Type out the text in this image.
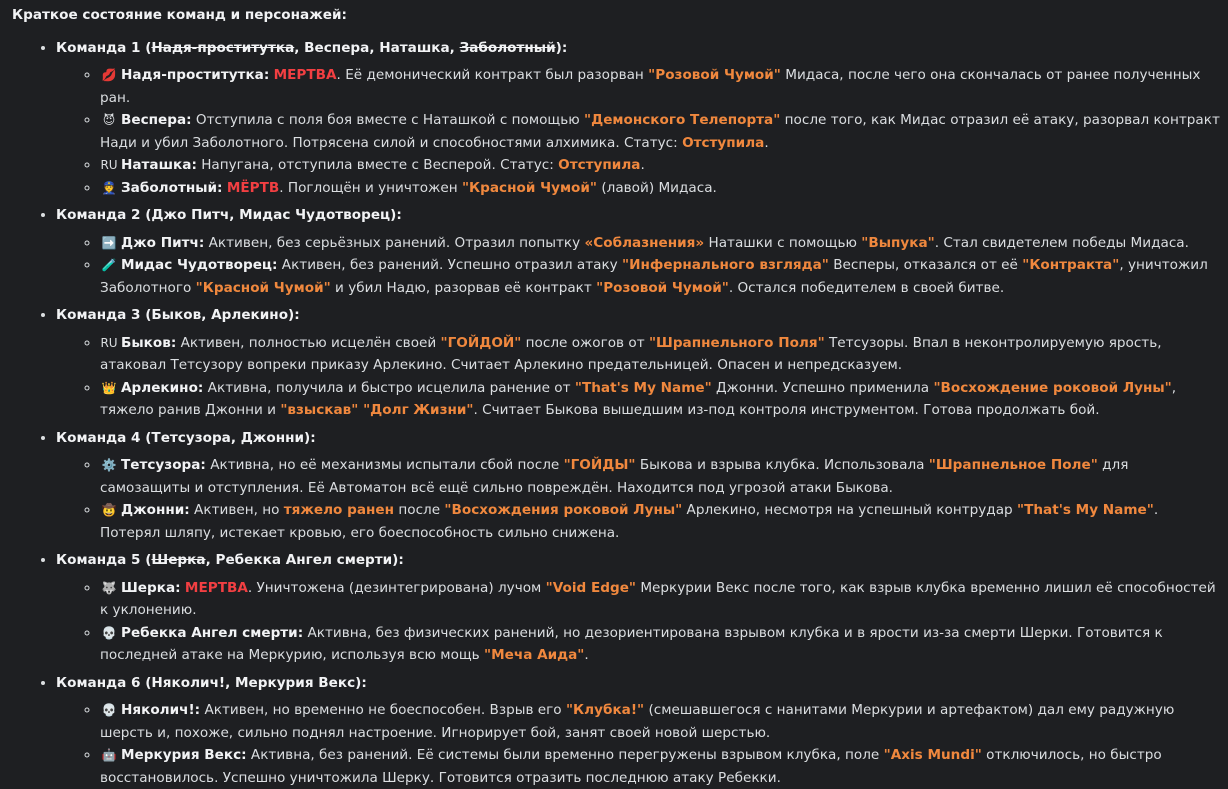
Краткое состояние команд и персонажей:
• Команда 1 (Надя-проститутка, Веспера, Наташка, Заболотный):
◦ 💋 Надя-проститутка: МЕРТВА. Её демонический контракт был разорван "Розовой Чумой" Мидаса, после чего она скончалась от ранее полученных ран.
◦ 😈 Веспера: Отступила с поля боя вместе с Наташкой с помощью "Демонского Телепорта" после того, как Мидас отразил её атаку, разорвал контракт Нади и убил Заболотного. Потрясена силой и способностями алхимика. Статус: Отступила.
◦ RU Наташка: Напугана, отступила вместе с Весперой. Статус: Отступила.
◦ 👮 Заболотный: МЁРТВ. Поглощён и уничтожен "Красной Чумой" (лавой) Мидаса.
• Команда 2 (Джо Питч, Мидас Чудотворец):
◦ ➡️ Джо Питч: Активен, без серьёзных ранений. Отразил попытку «Соблазнения» Наташки с помощью "Выпука". Стал свидетелем победы Мидаса.
◦ 🧪 Мидас Чудотворец: Активен, без ранений. Успешно отразил атаку "Инфернального взгляда" Весперы, отказался от её "Контракта", уничтожил Заболотного "Красной Чумой" и убил Надю, разорвав её контракт "Розовой Чумой". Остался победителем в своей битве.
• Команда 3 (Быков, Арлекино):
◦ RU Быков: Активен, полностью исцелён своей "ГОЙДОЙ" после ожогов от "Шрапнельного Поля" Тетсузоры. Впал в неконтролируемую ярость, атаковал Тетсузору вопреки приказу Арлекино. Считает Арлекино предательницей. Опасен и непредсказуем.
◦ 👑 Арлекино: Активна, получила и быстро исцелила ранение от "That's My Name" Джонни. Успешно применила "Восхождение роковой Луны", тяжело ранив Джонни и "взыскав" "Долг Жизни". Считает Быкова вышедшим из-под контроля инструментом. Готова продолжать бой.
• Команда 4 (Тетсузора, Джонни):
◦ ⚙️ Тетсузора: Активна, но её механизмы испытали сбой после "ГОЙДЫ" Быкова и взрыва клубка. Использовала "Шрапнельное Поле" для самозащиты и отступления. Её Автоматон всё ещё сильно повреждён. Находится под угрозой атаки Быкова.
◦ 🤠 Джонни: Активен, но тяжело ранен после "Восхождения роковой Луны" Арлекино, несмотря на успешный контрудар "That's My Name". Потерял шляпу, истекает кровью, его боеспособность сильно снижена.
• Команда 5 (Шерка, Ребекка Ангел смерти):
◦ 🐺 Шерка: МЕРТВА. Уничтожена (дезинтегрирована) лучом "Void Edge" Меркурии Векс после того, как взрыв клубка временно лишил её способностей к уклонению.
◦ 💀 Ребекка Ангел смерти: Активна, без физических ранений, но дезориентирована взрывом клубка и в ярости из-за смерти Шерки. Готовится к последней атаке на Меркурию, используя всю мощь "Меча Аида".
• Команда 6 (Няколич!, Меркурия Векс):
◦ 💀 Няколич!: Активен, но временно не боеспособен. Взрыв его "Клубка!" (смешавшегося с нанитами Меркурии и артефактом) дал ему радужную шерсть и, похоже, сильно поднял настроение. Игнорирует бой, занят своей новой шерстью.
◦ 🤖 Меркурия Векс: Активна, без ранений. Её системы были временно перегружены взрывом клубка, поле "Axis Mundi" отключилось, но быстро восстановилось. Успешно уничтожила Шерку. Готовится отразить последнюю атаку Ребекки.
